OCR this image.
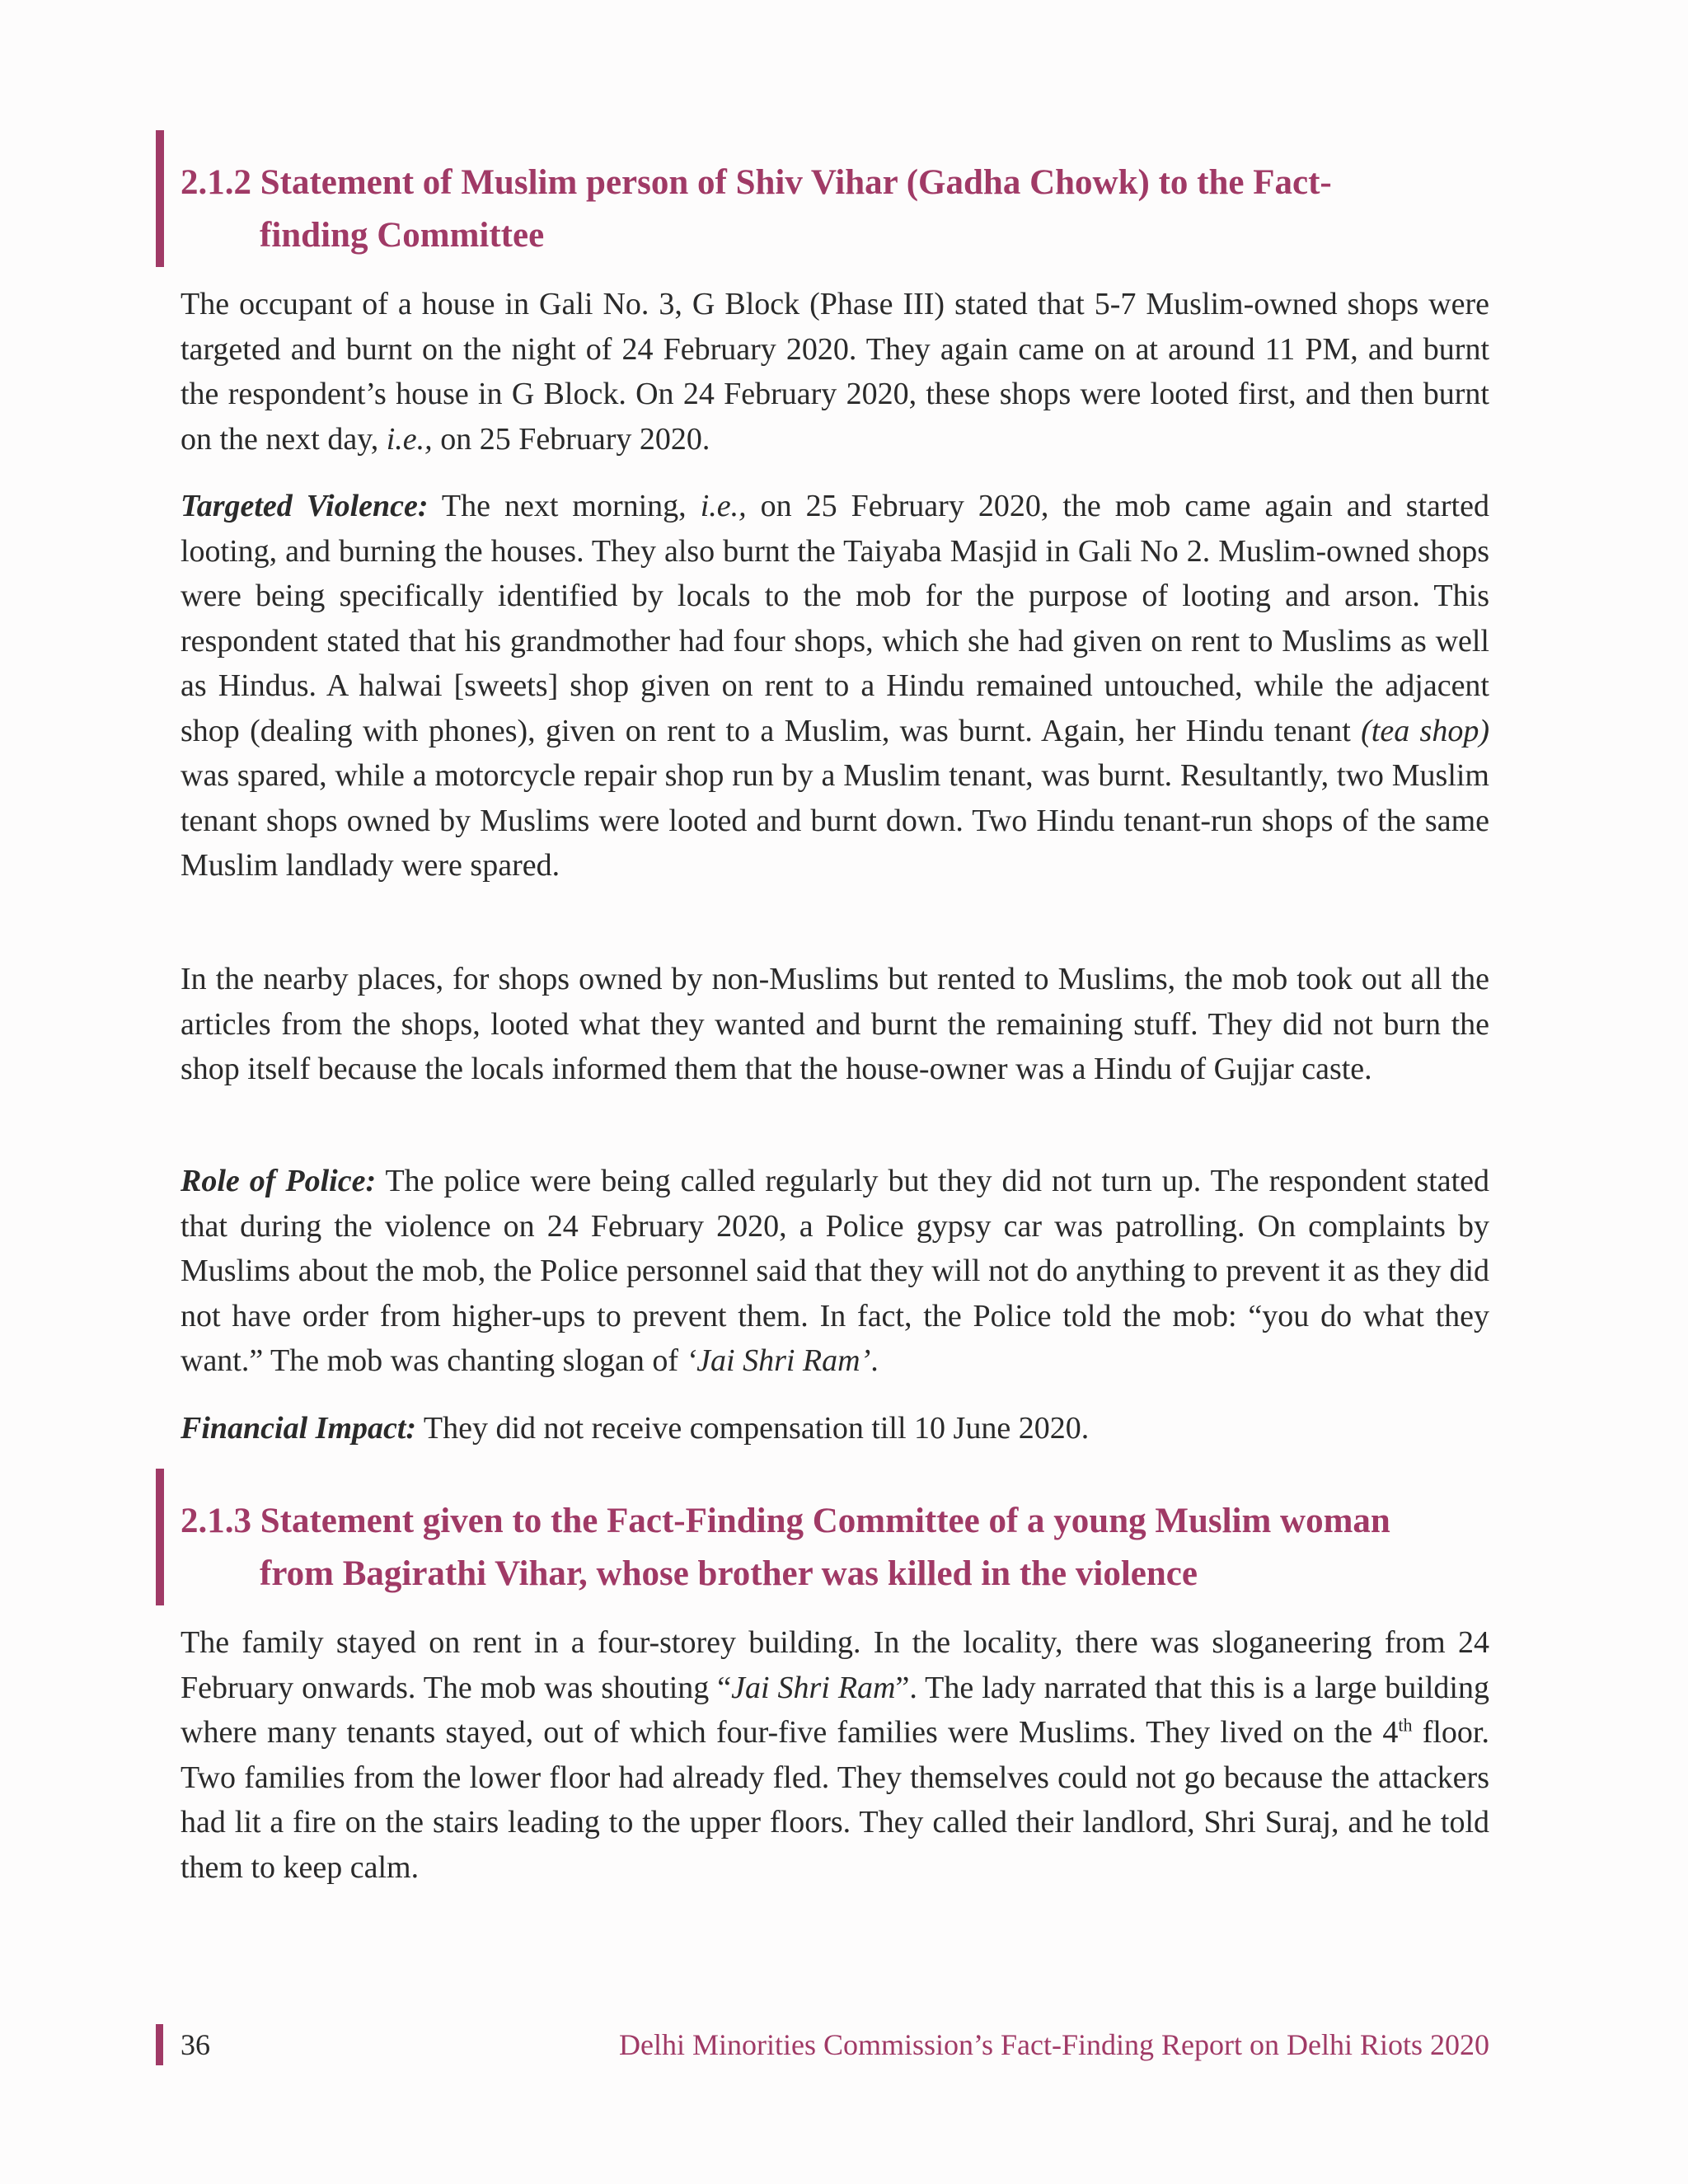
2.1.2 Statement of Muslim person of Shiv Vihar (Gadha Chowk) to the Fact-
finding Committee

The occupant of a house in Gali No. 3, G Block (Phase III) stated that 5-7 Muslim-owned shops were targeted and burnt on the night of 24 February 2020. They again came on at around 11 PM, and burnt the respondent’s house in G Block. On 24 February 2020, these shops were looted first, and then burnt on the next day, i.e., on 25 February 2020.

Targeted Violence: The next morning, i.e., on 25 February 2020, the mob came again and started looting, and burning the houses. They also burnt the Taiyaba Masjid in Gali No 2. Muslim-owned shops were being specifically identified by locals to the mob for the purpose of looting and arson. This respondent stated that his grandmother had four shops, which she had given on rent to Muslims as well as Hindus. A halwai [sweets] shop given on rent to a Hindu remained untouched, while the adjacent shop (dealing with phones), given on rent to a Muslim, was burnt. Again, her Hindu tenant (tea shop) was spared, while a motorcycle repair shop run by a Muslim tenant, was burnt. Resultantly, two Muslim tenant shops owned by Muslims were looted and burnt down. Two Hindu tenant-run shops of the same Muslim landlady were spared.

In the nearby places, for shops owned by non-Muslims but rented to Muslims, the mob took out all the articles from the shops, looted what they wanted and burnt the remaining stuff. They did not burn the shop itself because the locals informed them that the house-owner was a Hindu of Gujjar caste.

Role of Police: The police were being called regularly but they did not turn up. The respondent stated that during the violence on 24 February 2020, a Police gypsy car was patrolling. On complaints by Muslims about the mob, the Police personnel said that they will not do anything to prevent it as they did not have order from higher-ups to prevent them. In fact, the Police told the mob: “you do what they want.” The mob was chanting slogan of ‘Jai Shri Ram’.

Financial Impact: They did not receive compensation till 10 June 2020.

2.1.3 Statement given to the Fact-Finding Committee of a young Muslim woman
from Bagirathi Vihar, whose brother was killed in the violence

The family stayed on rent in a four-storey building. In the locality, there was sloganeering from 24 February onwards. The mob was shouting “Jai Shri Ram”. The lady narrated that this is a large building where many tenants stayed, out of which four-five families were Muslims. They lived on the 4th floor. Two families from the lower floor had already fled. They themselves could not go because the attackers had lit a fire on the stairs leading to the upper floors. They called their landlord, Shri Suraj, and he told them to keep calm.

36	Delhi Minorities Commission’s Fact-Finding Report on Delhi Riots 2020
